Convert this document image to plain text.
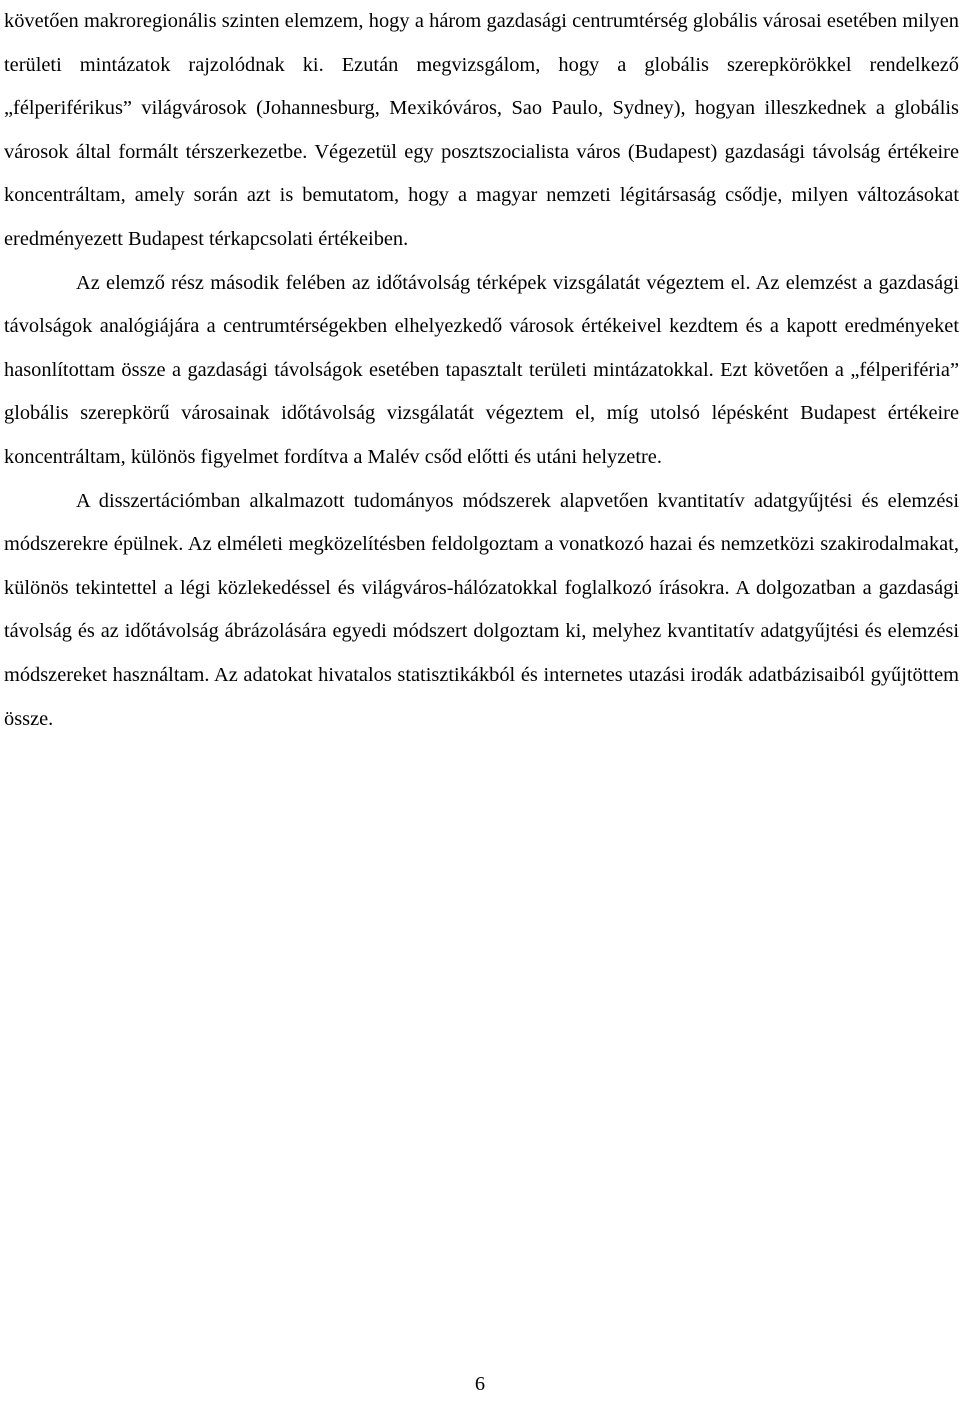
követően makroregionális szinten elemzem, hogy a három gazdasági centrumtérség globális városai esetében milyen területi mintázatok rajzolódnak ki. Ezután megvizsgálom, hogy a globális szerepkörökkel rendelkező „félperiférikus” világvárosok (Johannesburg, Mexikóváros, Sao Paulo, Sydney), hogyan illeszkednek a globális városok által formált térszerkezetbe. Végezetül egy posztszocialista város (Budapest) gazdasági távolság értékeire koncentráltam, amely során azt is bemutatom, hogy a magyar nemzeti légitársaság csődje, milyen változásokat eredményezett Budapest térkapcsolati értékeiben.

Az elemző rész második felében az időtávolság térképek vizsgálatát végeztem el. Az elemzést a gazdasági távolságok analógiájára a centrumtérségekben elhelyezkedő városok értékeivel kezdtem és a kapott eredményeket hasonlítottam össze a gazdasági távolságok esetében tapasztalt területi mintázatokkal. Ezt követően a „félperiféria” globális szerepkörű városainak időtávolság vizsgálatát végeztem el, míg utolsó lépésként Budapest értékeire koncentráltam, különös figyelmet fordítva a Malév csőd előtti és utáni helyzetre.

A disszertációmban alkalmazott tudományos módszerek alapvetően kvantitatív adatgyűjtési és elemzési módszerekre épülnek. Az elméleti megközelítésben feldolgoztam a vonatkozó hazai és nemzetközi szakirodalmakat, különös tekintettel a légi közlekedéssel és világváros-hálózatokkal foglalkozó írásokra. A dolgozatban a gazdasági távolság és az időtávolság ábrázolására egyedi módszert dolgoztam ki, melyhez kvantitatív adatgyűjtési és elemzési módszereket használtam. Az adatokat hivatalos statisztikákból és internetes utazási irodák adatbázisaiból gyűjtöttem össze.

6
